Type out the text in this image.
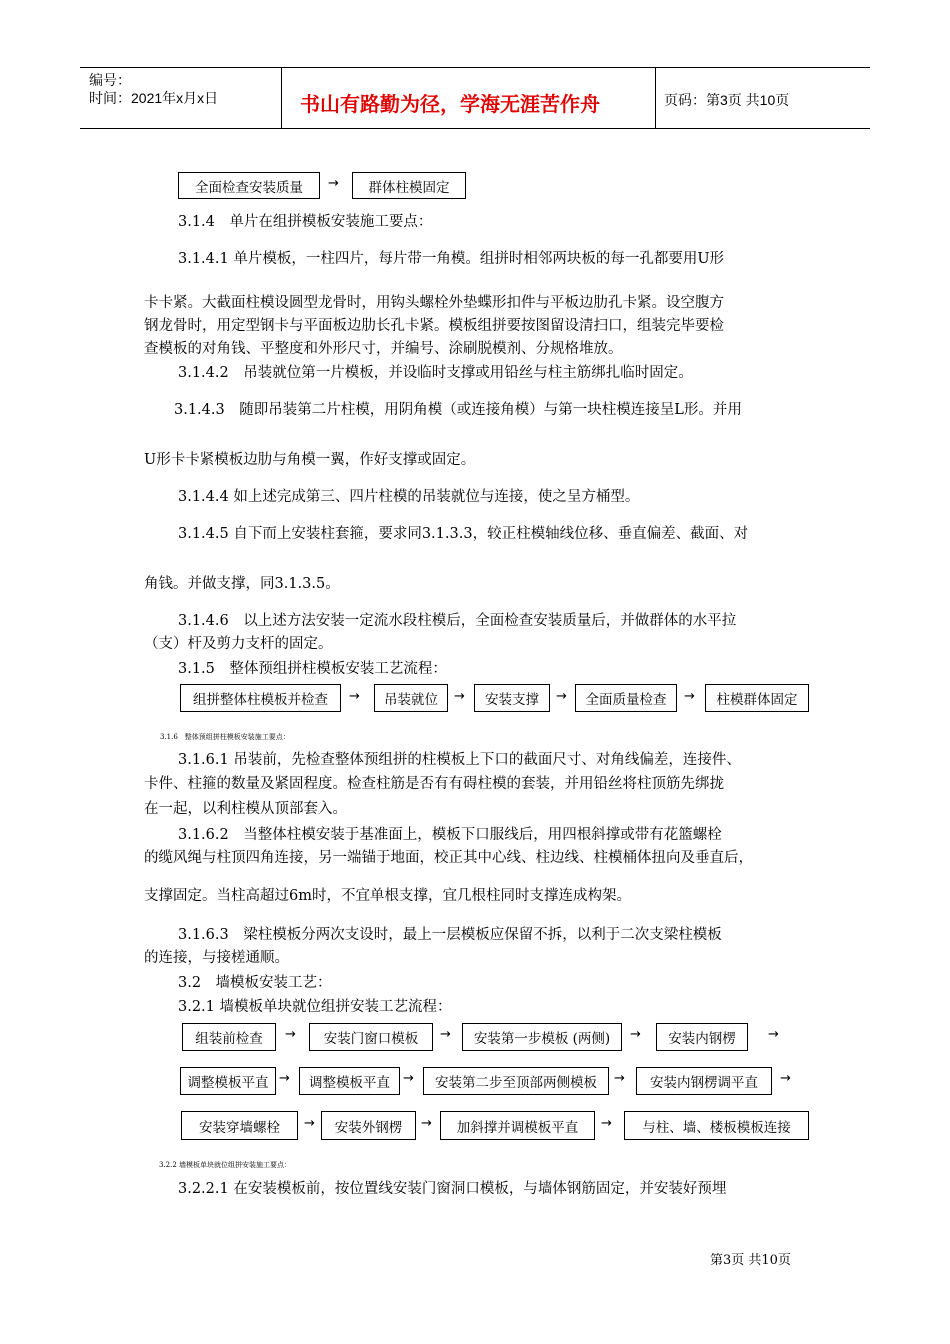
编号：
时间：2021年x月x日	书山有路勤为径，学海无涯苦作舟	页码：第3页 共10页
全面检查安装质量	→	群体柱模固定
3.1.4　单片在组拼模板安装施工要点：
3.1.4.1 单片模板，一柱四片，每片带一角模。组拼时相邻两块板的每一孔都要用U形
卡卡紧。大截面柱模设圆型龙骨时，用钩头螺栓外垫蝶形扣件与平板边肋孔卡紧。设空腹方
钢龙骨时，用定型钢卡与平面板边肋长孔卡紧。模板组拼要按图留设清扫口，组装完毕要检
查模板的对角钱、平整度和外形尺寸，并编号、涂刷脱模剂、分规格堆放。
3.1.4.2　吊装就位第一片模板，并设临时支撑或用铅丝与柱主筋绑扎临时固定。
3.1.4.3　随即吊装第二片柱模，用阴角模（或连接角模）与第一块柱模连接呈L形。并用
U形卡卡紧模板边肋与角模一翼，作好支撑或固定。
3.1.4.4 如上述完成第三、四片柱模的吊装就位与连接，使之呈方桶型。
3.1.4.5 自下而上安装柱套箍，要求同3.1.3.3，较正柱模轴线位移、垂直偏差、截面、对
角钱。并做支撑，同3.1.3.5。
3.1.4.6　以上述方法安装一定流水段柱模后，全面检查安装质量后，并做群体的水平拉
（支）杆及剪力支杆的固定。
3.1.5　整体预组拼柱模板安装工艺流程：
组拼整体柱模板并检查	→	吊装就位	→	安装支撑	→	全面质量检查	→	柱模群体固定
3.1.6　整体预组拼柱模板安装施工要点：
3.1.6.1 吊装前，先检查整体预组拼的柱模板上下口的截面尺寸、对角线偏差，连接件、
卡件、柱箍的数量及紧固程度。检查柱筋是否有有碍柱模的套装，并用铅丝将柱顶筋先绑拢
在一起，以利柱模从顶部套入。
3.1.6.2　当整体柱模安装于基准面上，模板下口服线后，用四根斜撑或带有花篮螺栓
的缆风绳与柱顶四角连接，另一端锚于地面，校正其中心线、柱边线、柱模桶体扭向及垂直后，
支撑固定。当柱高超过6m时，不宜单根支撑，宜几根柱同时支撑连成构架。
3.1.6.3　梁柱模板分两次支设时，最上一层模板应保留不拆，以利于二次支梁柱模板
的连接，与接槎通顺。
3.2　墙模板安装工艺：
3.2.1 墙模板单块就位组拼安装工艺流程：
组装前检查	→	安装门窗口模板	→	安装第一步模板 (两侧)	→	安装内钢楞	→
调整模板平直 →	调整模板平直	→	安装第二步至顶部两侧模板	→	安装内钢楞调平直	→
安装穿墙螺栓	→	安装外钢楞	→	加斜撑并调模板平直	→	与柱、墙、楼板模板连接
3.2.2 墙模板单块就位组拼安装施工要点：
3.2.2.1 在安装模板前，按位置线安装门窗洞口模板，与墙体钢筋固定，并安装好预埋
第3页 共10页
